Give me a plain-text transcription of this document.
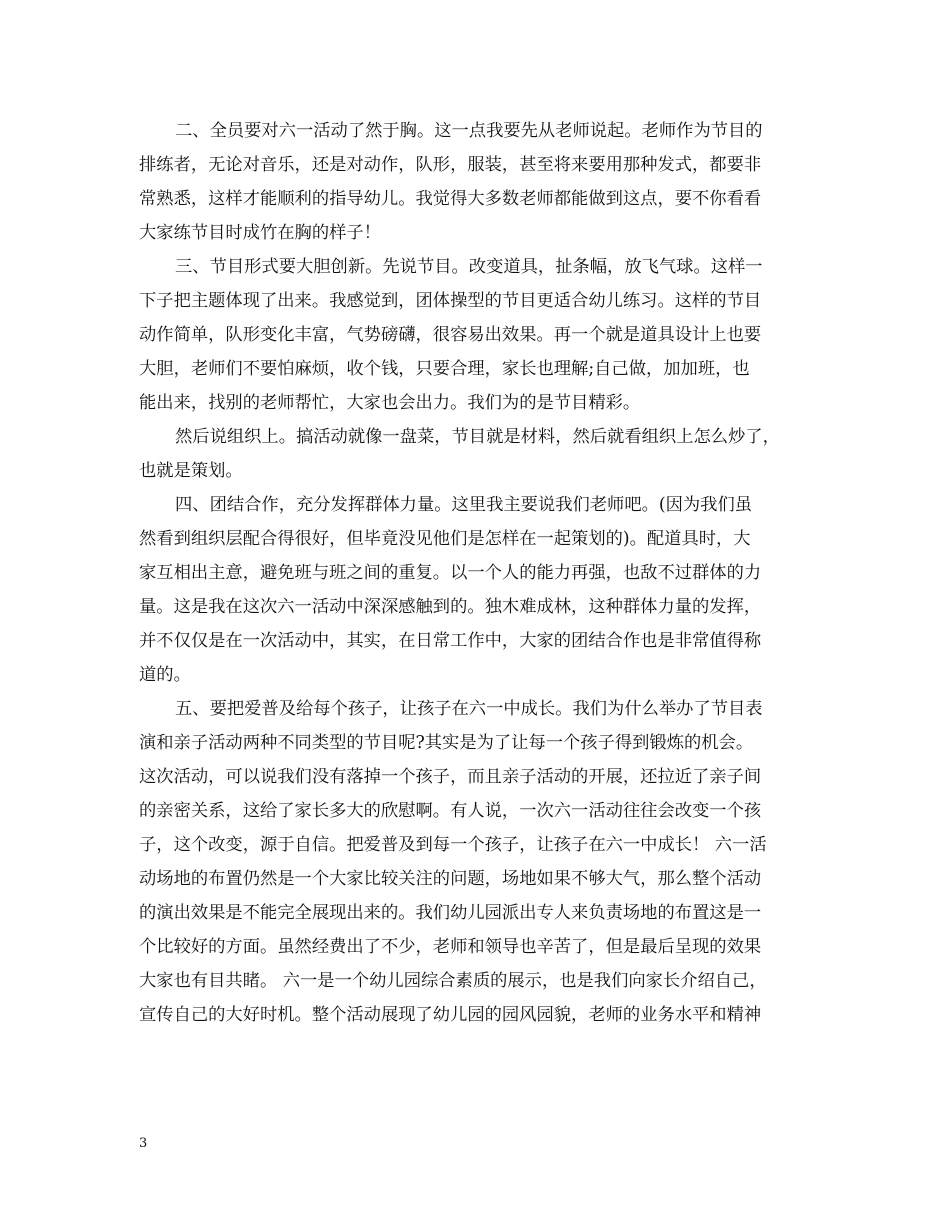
二、全员要对六一活动了然于胸。这一点我要先从老师说起。老师作为节目的
排练者，无论对音乐，还是对动作，队形，服装，甚至将来要用那种发式，都要非
常熟悉，这样才能顺利的指导幼儿。我觉得大多数老师都能做到这点，要不你看看
大家练节目时成竹在胸的样子！
三、节目形式要大胆创新。先说节目。改变道具，扯条幅，放飞气球。这样一
下子把主题体现了出来。我感觉到，团体操型的节目更适合幼儿练习。这样的节目
动作简单，队形变化丰富，气势磅礴，很容易出效果。再一个就是道具设计上也要
大胆，老师们不要怕麻烦，收个钱，只要合理，家长也理解;自己做，加加班，也
能出来，找别的老师帮忙，大家也会出力。我们为的是节目精彩。
然后说组织上。搞活动就像一盘菜，节目就是材料，然后就看组织上怎么炒了，
也就是策划。
四、团结合作，充分发挥群体力量。这里我主要说我们老师吧。(因为我们虽
然看到组织层配合得很好，但毕竟没见他们是怎样在一起策划的)。配道具时，大
家互相出主意，避免班与班之间的重复。以一个人的能力再强，也敌不过群体的力
量。这是我在这次六一活动中深深感触到的。独木难成林，这种群体力量的发挥，
并不仅仅是在一次活动中，其实，在日常工作中，大家的团结合作也是非常值得称
道的。
五、要把爱普及给每个孩子，让孩子在六一中成长。我们为什么举办了节目表
演和亲子活动两种不同类型的节目呢?其实是为了让每一个孩子得到锻炼的机会。
这次活动，可以说我们没有落掉一个孩子，而且亲子活动的开展，还拉近了亲子间
的亲密关系，这给了家长多大的欣慰啊。有人说，一次六一活动往往会改变一个孩
子，这个改变，源于自信。把爱普及到每一个孩子，让孩子在六一中成长！ 六一活
动场地的布置仍然是一个大家比较关注的问题，场地如果不够大气，那么整个活动
的演出效果是不能完全展现出来的。我们幼儿园派出专人来负责场地的布置这是一
个比较好的方面。虽然经费出了不少，老师和领导也辛苦了，但是最后呈现的效果
大家也有目共睹。 六一是一个幼儿园综合素质的展示，也是我们向家长介绍自己，
宣传自己的大好时机。整个活动展现了幼儿园的园风园貌，老师的业务水平和精神
3
